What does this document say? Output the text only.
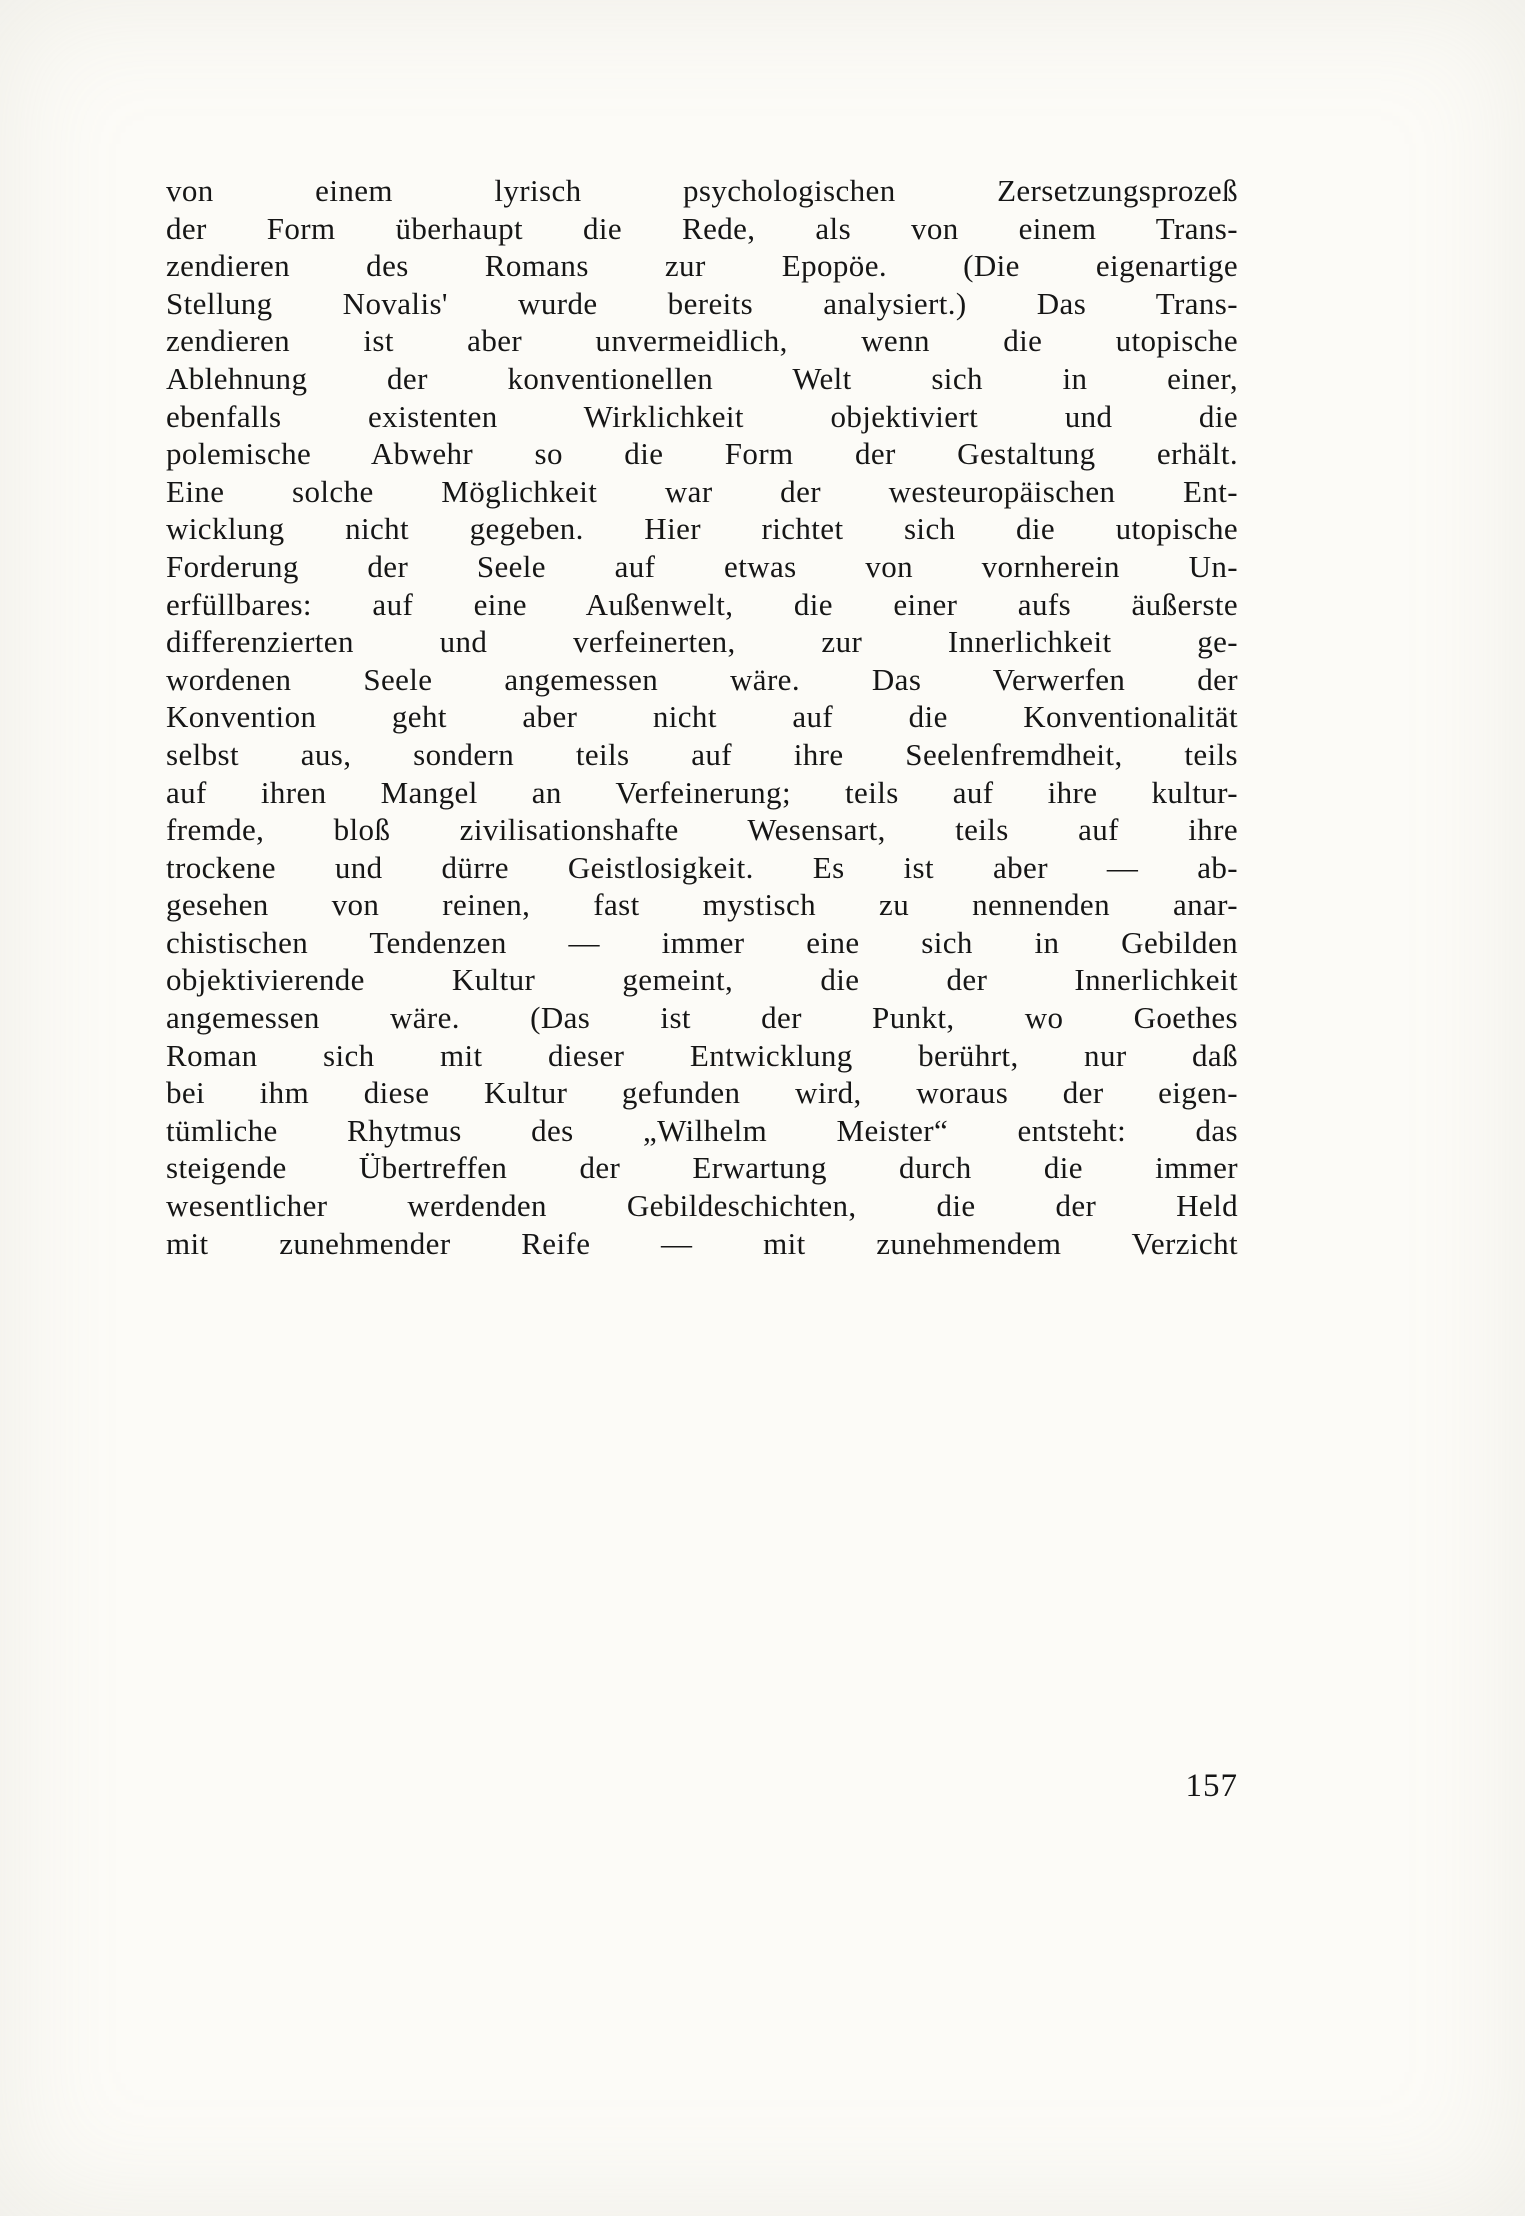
von einem lyrisch psychologischen Zersetzungsprozeß
der Form überhaupt die Rede, als von einem Trans-
zendieren des Romans zur Epopöe. (Die eigenartige
Stellung Novalis' wurde bereits analysiert.) Das Trans-
zendieren ist aber unvermeidlich, wenn die utopische
Ablehnung der konventionellen Welt sich in einer,
ebenfalls existenten Wirklichkeit objektiviert und die
polemische Abwehr so die Form der Gestaltung erhält.
Eine solche Möglichkeit war der westeuropäischen Ent-
wicklung nicht gegeben. Hier richtet sich die utopische
Forderung der Seele auf etwas von vornherein Un-
erfüllbares: auf eine Außenwelt, die einer aufs äußerste
differenzierten und verfeinerten, zur Innerlichkeit ge-
wordenen Seele angemessen wäre. Das Verwerfen der
Konvention geht aber nicht auf die Konventionalität
selbst aus, sondern teils auf ihre Seelenfremdheit, teils
auf ihren Mangel an Verfeinerung; teils auf ihre kultur-
fremde, bloß zivilisationshafte Wesensart, teils auf ihre
trockene und dürre Geistlosigkeit. Es ist aber — ab-
gesehen von reinen, fast mystisch zu nennenden anar-
chistischen Tendenzen — immer eine sich in Gebilden
objektivierende Kultur gemeint, die der Innerlichkeit
angemessen wäre. (Das ist der Punkt, wo Goethes
Roman sich mit dieser Entwicklung berührt, nur daß
bei ihm diese Kultur gefunden wird, woraus der eigen-
tümliche Rhytmus des „Wilhelm Meister“ entsteht: das
steigende Übertreffen der Erwartung durch die immer
wesentlicher werdenden Gebildeschichten, die der Held
mit zunehmender Reife — mit zunehmendem Verzicht
157
